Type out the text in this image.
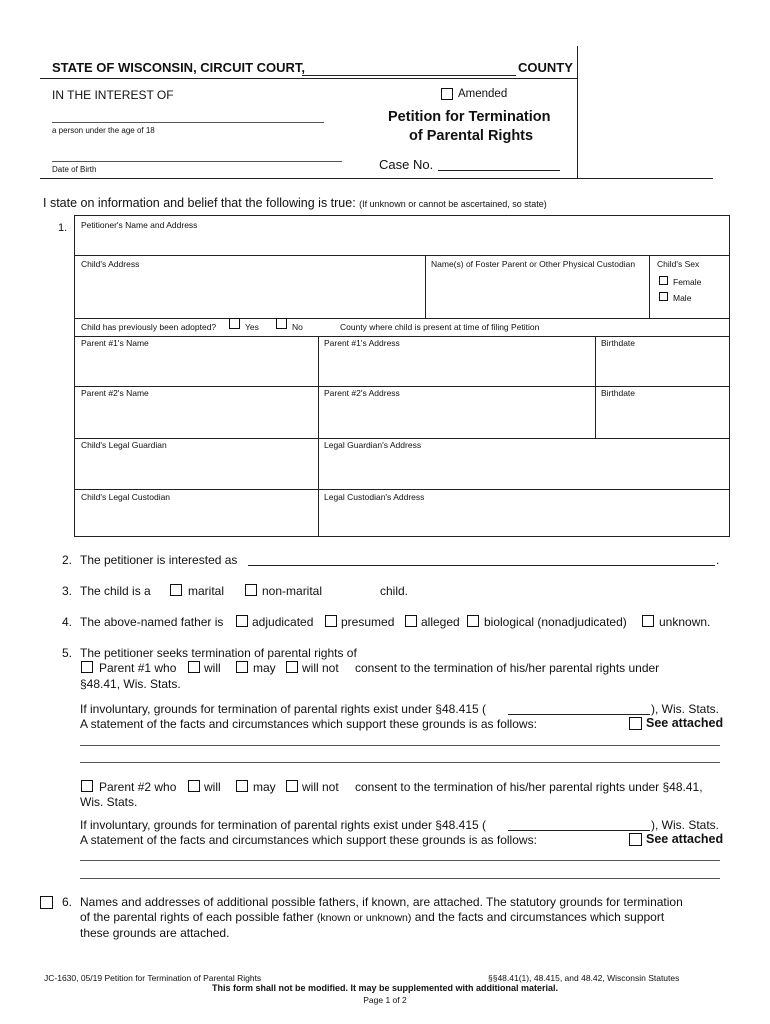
STATE OF WISCONSIN, CIRCUIT COURT,	COUNTY
IN THE INTEREST OF	Amended
a person under the age of 18
Petition for Termination
of Parental Rights
Date of Birth	Case No.
I state on information and belief that the following is true: (If unknown or cannot be ascertained, so state)
1. Petitioner's Name and Address
Child's Address	Name(s) of Foster Parent or Other Physical Custodian	Child's Sex
Female
Male
Child has previously been adopted?	Yes	No	County where child is present at time of filing Petition
Parent #1's Name	Parent #1's Address	Birthdate
Parent #2's Name	Parent #2's Address	Birthdate
Child's Legal Guardian	Legal Guardian's Address
Child's Legal Custodian	Legal Custodian's Address
2. The petitioner is interested as	.
3. The child is a	marital	non-marital	child.
4. The above-named father is adjudicated presumed alleged biological (nonadjudicated)	unknown.
5. The petitioner seeks termination of parental rights of
Parent #1 who will	may will not consent to the termination of his/her parental rights under
§48.41, Wis. Stats.
If involuntary, grounds for termination of parental rights exist under §48.415 (	), Wis. Stats.
A statement of the facts and circumstances which support these grounds is as follows:	See attached
Parent #2 who will	may will not consent to the termination of his/her parental rights under §48.41,
Wis. Stats.
If involuntary, grounds for termination of parental rights exist under §48.415 (	), Wis. Stats.
A statement of the facts and circumstances which support these grounds is as follows:	See attached
6. Names and addresses of additional possible fathers, if known, are attached. The statutory grounds for termination
of the parental rights of each possible father (known or unknown) and the facts and circumstances which support
these grounds are attached.
JC-1630, 05/19 Petition for Termination of Parental Rights	§§48.41(1), 48.415, and 48.42, Wisconsin Statutes
This form shall not be modified. It may be supplemented with additional material.
Page 1 of 2
